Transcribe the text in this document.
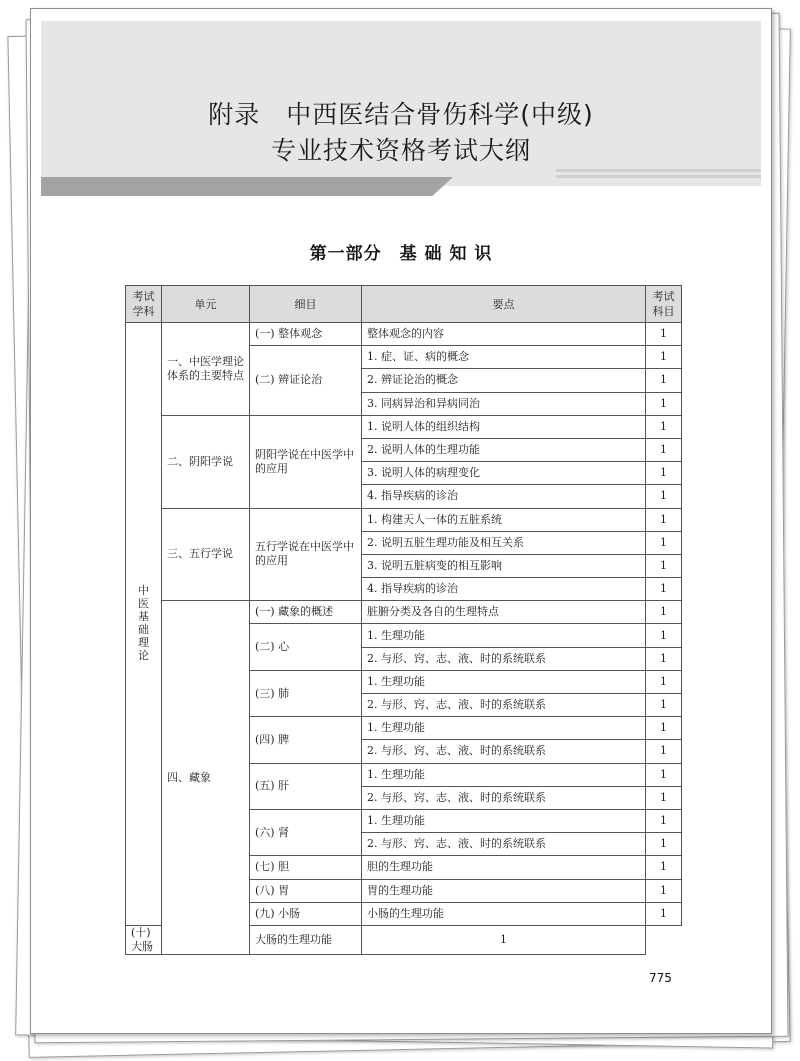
附录　中西医结合骨伤科学(中级)
专业技术资格考试大纲
第一部分　基 础 知 识
考试学科	单元	细目	要点	考试科目
中医基础理论	一、中医学理论体系的主要特点	(一) 整体观念	整体观念的内容	1
		(二) 辨证论治	1. 症、证、病的概念	1
			2. 辨证论治的概念	1
			3. 同病异治和异病同治	1
	二、阴阳学说	阴阳学说在中医学中的应用	1. 说明人体的组织结构	1
			2. 说明人体的生理功能	1
			3. 说明人体的病理变化	1
			4. 指导疾病的诊治	1
	三、五行学说	五行学说在中医学中的应用	1. 构建天人一体的五脏系统	1
			2. 说明五脏生理功能及相互关系	1
			3. 说明五脏病变的相互影响	1
			4. 指导疾病的诊治	1
	四、藏象	(一) 藏象的概述	脏腑分类及各自的生理特点	1
		(二) 心	1. 生理功能	1
			2. 与形、窍、志、液、时的系统联系	1
		(三) 肺	1. 生理功能	1
			2. 与形、窍、志、液、时的系统联系	1
		(四) 脾	1. 生理功能	1
			2. 与形、窍、志、液、时的系统联系	1
		(五) 肝	1. 生理功能	1
			2. 与形、窍、志、液、时的系统联系	1
		(六) 肾	1. 生理功能	1
			2. 与形、窍、志、液、时的系统联系	1
		(七) 胆	胆的生理功能	1
		(八) 胃	胃的生理功能	1
		(九) 小肠	小肠的生理功能	1
(十) 大肠		大肠的生理功能	1	
775
